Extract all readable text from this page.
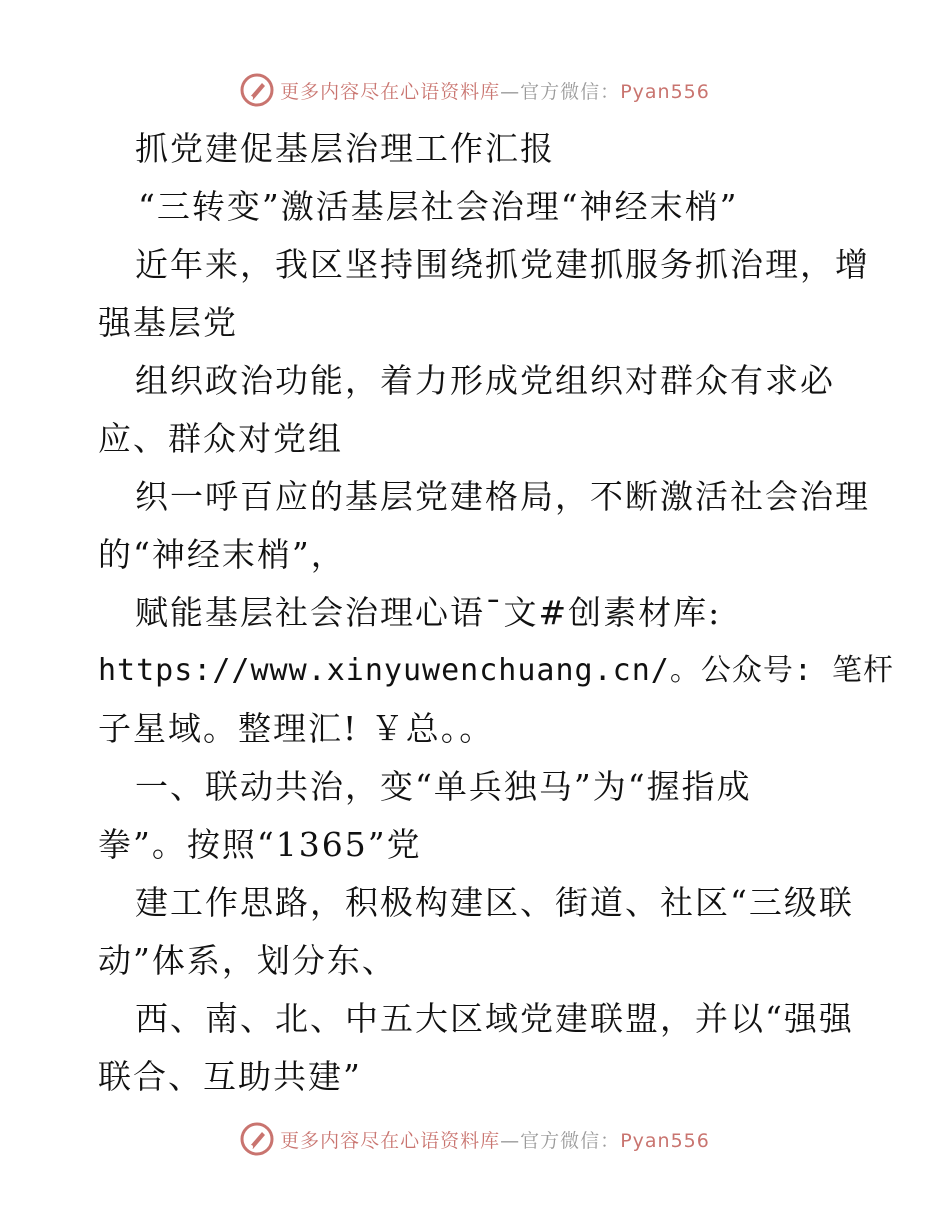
更多内容尽在心语资料库—官方微信：Pyan556
抓党建促基层治理工作汇报
“三转变”激活基层社会治理“神经末梢”
近年来，我区坚持围绕抓党建抓服务抓治理，增
强基层党
组织政治功能，着力形成党组织对群众有求必
应、群众对党组
织一呼百应的基层党建格局，不断激活社会治理
的“神经末梢”，
赋能基层社会治理心语¯文#创素材库:
https://www.xinyuwenchuang.cn/。公众号: 笔杆
子星域。整理汇! ￥总。。
一、联动共治，变“单兵独马”为“握指成
拳”。按照“1365”党
建工作思路，积极构建区、街道、社区“三级联
动”体系，划分东、
西、南、北、中五大区域党建联盟，并以“强强
联合、互助共建”
更多内容尽在心语资料库—官方微信：Pyan556
